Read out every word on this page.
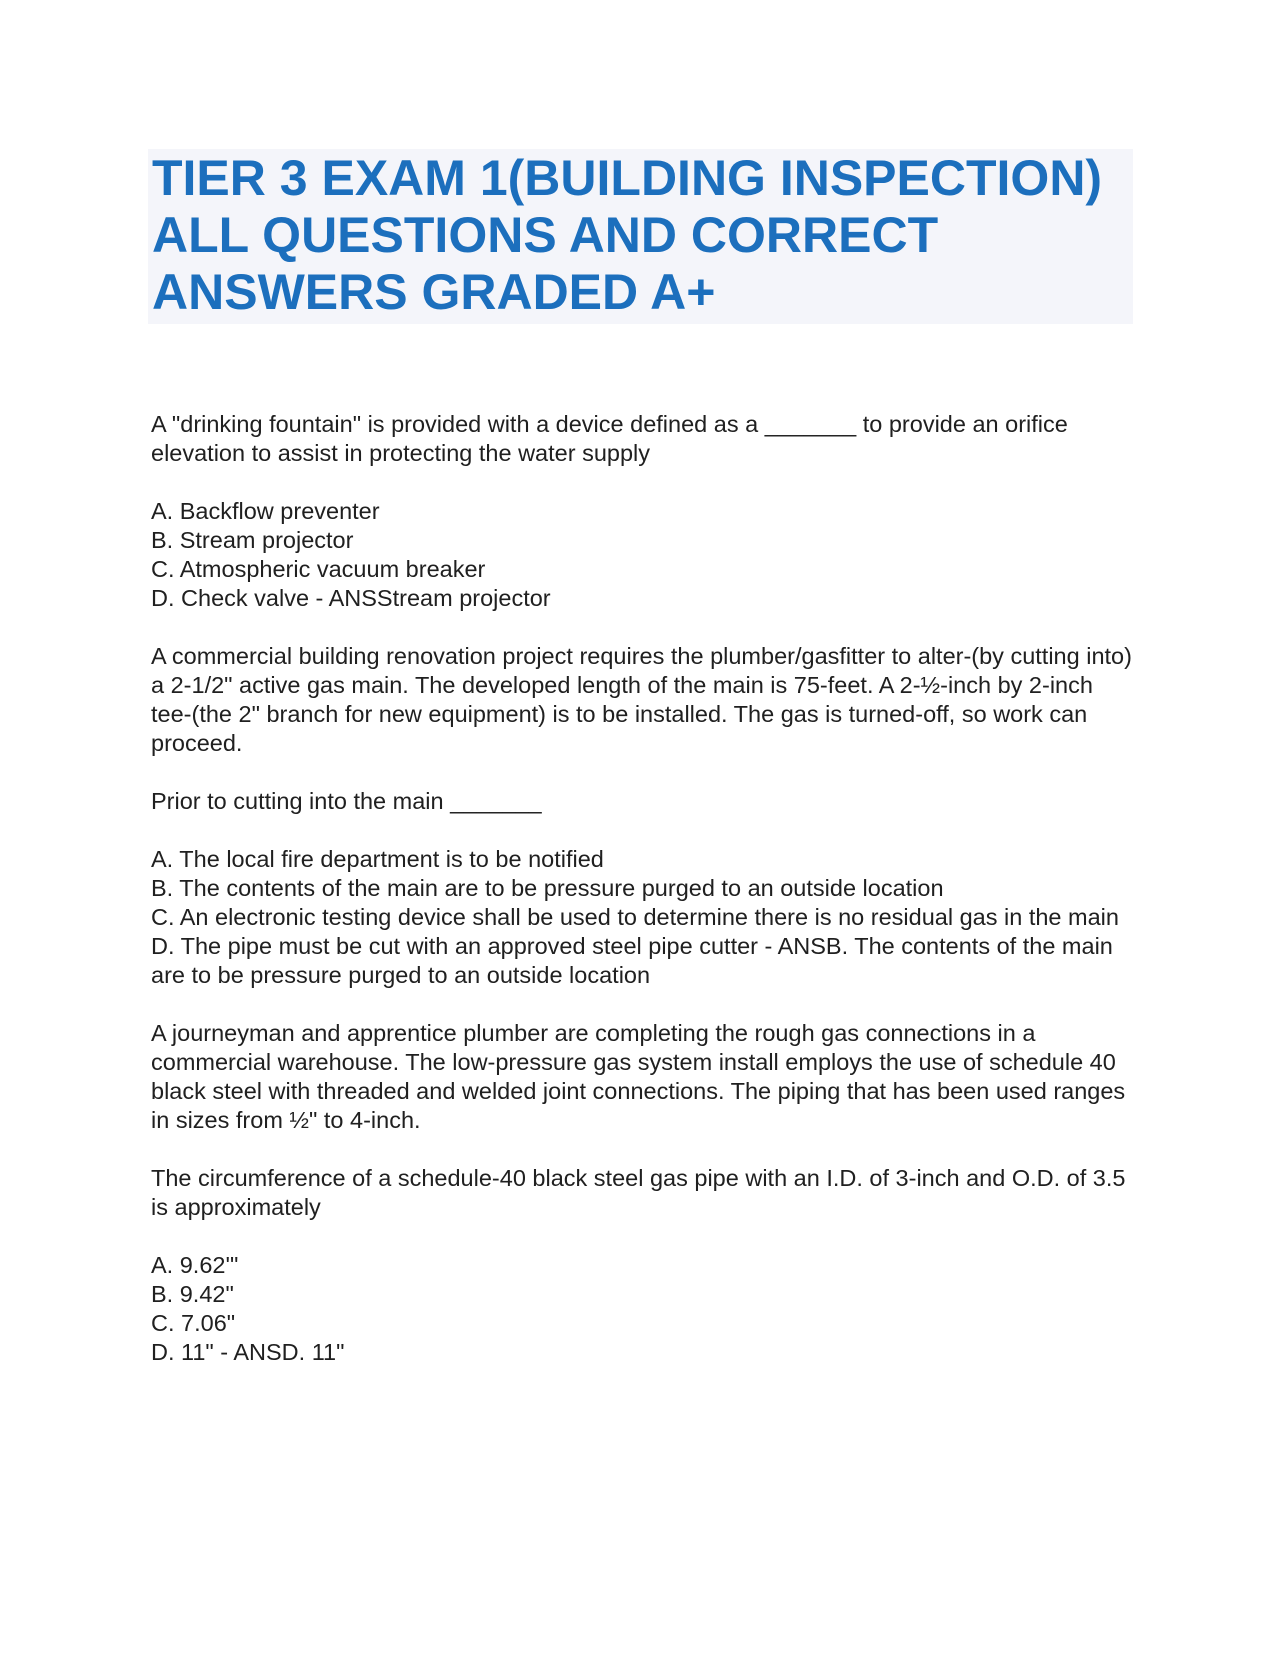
TIER 3 EXAM 1(BUILDING INSPECTION) ALL QUESTIONS AND CORRECT ANSWERS GRADED A+

A "drinking fountain" is provided with a device defined as a _______ to provide an orifice elevation to assist in protecting the water supply

A. Backflow preventer

B. Stream projector

C. Atmospheric vacuum breaker

D. Check valve - ANSStream projector

A commercial building renovation project requires the plumber/gasfitter to alter-(by cutting into) a 2-1/2" active gas main. The developed length of the main is 75-feet. A 2-½-inch by 2-inch tee-(the 2" branch for new equipment) is to be installed. The gas is turned-off, so work can proceed.

Prior to cutting into the main _______

A. The local fire department is to be notified

B. The contents of the main are to be pressure purged to an outside location

C. An electronic testing device shall be used to determine there is no residual gas in the main

D. The pipe must be cut with an approved steel pipe cutter - ANSB. The contents of the main are to be pressure purged to an outside location

A journeyman and apprentice plumber are completing the rough gas connections in a commercial warehouse. The low-pressure gas system install employs the use of schedule 40 black steel with threaded and welded joint connections. The piping that has been used ranges in sizes from ½" to 4-inch.

The circumference of a schedule-40 black steel gas pipe with an I.D. of 3-inch and O.D. of 3.5 is approximately

A. 9.62'"

B. 9.42"

C. 7.06"

D. 11" - ANSD. 11"
